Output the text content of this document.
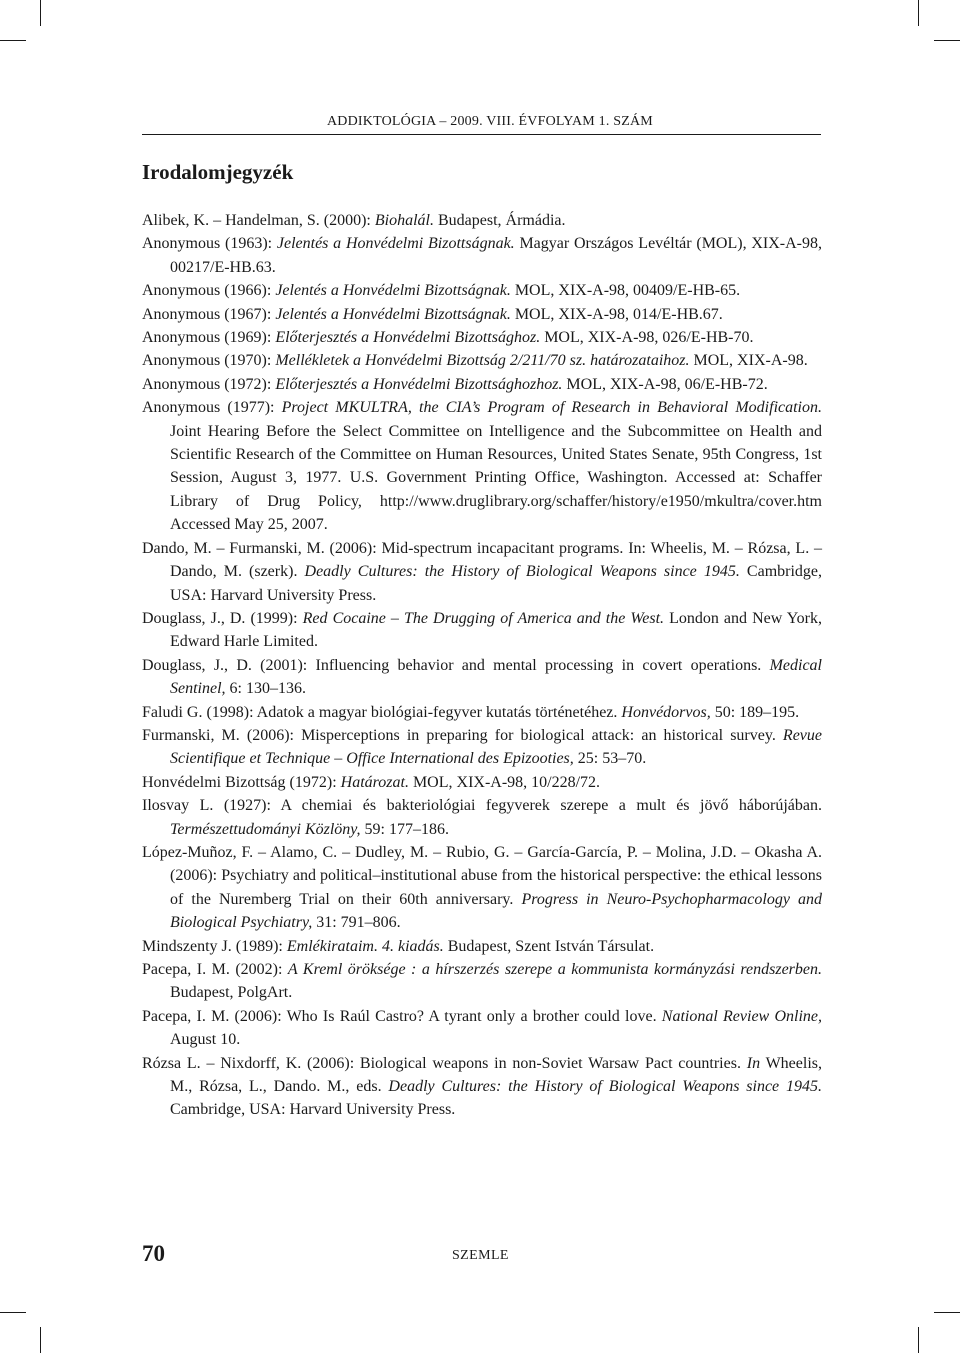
ADDIKTOLÓGIA – 2009. VIII. ÉVFOLYAM 1. SZÁM
Irodalomjegyzék
Alibek, K. – Handelman, S. (2000): Biohalál. Budapest, Ármádia.
Anonymous (1963): Jelentés a Honvédelmi Bizottságnak. Magyar Országos Levéltár (MOL), XIX-A-98, 00217/E-HB.63.
Anonymous (1966): Jelentés a Honvédelmi Bizottságnak. MOL, XIX-A-98, 00409/E-HB-65.
Anonymous (1967): Jelentés a Honvédelmi Bizottságnak. MOL, XIX-A-98, 014/E-HB.67.
Anonymous (1969): Előterjesztés a Honvédelmi Bizottsághoz. MOL, XIX-A-98, 026/E-HB-70.
Anonymous (1970): Mellékletek a Honvédelmi Bizottság 2/211/70 sz. határozataihoz. MOL, XIX-A-98.
Anonymous (1972): Előterjesztés a Honvédelmi Bizottsághozhoz. MOL, XIX-A-98, 06/E-HB-72.
Anonymous (1977): Project MKULTRA, the CIA’s Program of Research in Behavioral Modification. Joint Hearing Before the Select Committee on Intelligence and the Subcommittee on Health and Scientific Research of the Committee on Human Resources, United States Senate, 95th Congress, 1st Session, August 3, 1977. U.S. Government Printing Office, Washington. Accessed at: Schaffer Library of Drug Policy, http://www.druglibrary.org/schaffer/history/e1950/mkultra/cover.htm Accessed May 25, 2007.
Dando, M. – Furmanski, M. (2006): Mid-spectrum incapacitant programs. In: Wheelis, M. – Rózsa, L. – Dando, M. (szerk). Deadly Cultures: the History of Biological Weapons since 1945. Cambridge, USA: Harvard University Press.
Douglass, J., D. (1999): Red Cocaine – The Drugging of America and the West. London and New York, Edward Harle Limited.
Douglass, J., D. (2001): Influencing behavior and mental processing in covert operations. Medical Sentinel, 6: 130–136.
Faludi G. (1998): Adatok a magyar biológiai-fegyver kutatás történetéhez. Honvédorvos, 50: 189–195.
Furmanski, M. (2006): Misperceptions in preparing for biological attack: an historical survey. Revue Scientifique et Technique – Office International des Epizooties, 25: 53–70.
Honvédelmi Bizottság (1972): Határozat. MOL, XIX-A-98, 10/228/72.
Ilosvay L. (1927): A chemiai és bakteriológiai fegyverek szerepe a mult és jövő háborújában. Természettudományi Közlöny, 59: 177–186.
López-Muñoz, F. – Alamo, C. – Dudley, M. – Rubio, G. – García-García, P. – Molina, J.D. – Okasha A. (2006): Psychiatry and political–institutional abuse from the historical perspective: the ethical lessons of the Nuremberg Trial on their 60th anniversary. Progress in Neuro-Psychopharmacology and Biological Psychiatry, 31: 791–806.
Mindszenty J. (1989): Emlékirataim. 4. kiadás. Budapest, Szent István Társulat.
Pacepa, I. M. (2002): A Kreml öröksége : a hírszerzés szerepe a kommunista kormányzási rendszerben. Budapest, PolgArt.
Pacepa, I. M. (2006): Who Is Raúl Castro? A tyrant only a brother could love. National Review Online, August 10.
Rózsa L. – Nixdorff, K. (2006): Biological weapons in non-Soviet Warsaw Pact countries. In Wheelis, M., Rózsa, L., Dando. M., eds. Deadly Cultures: the History of Biological Weapons since 1945. Cambridge, USA: Harvard University Press.
70	SZEMLE
